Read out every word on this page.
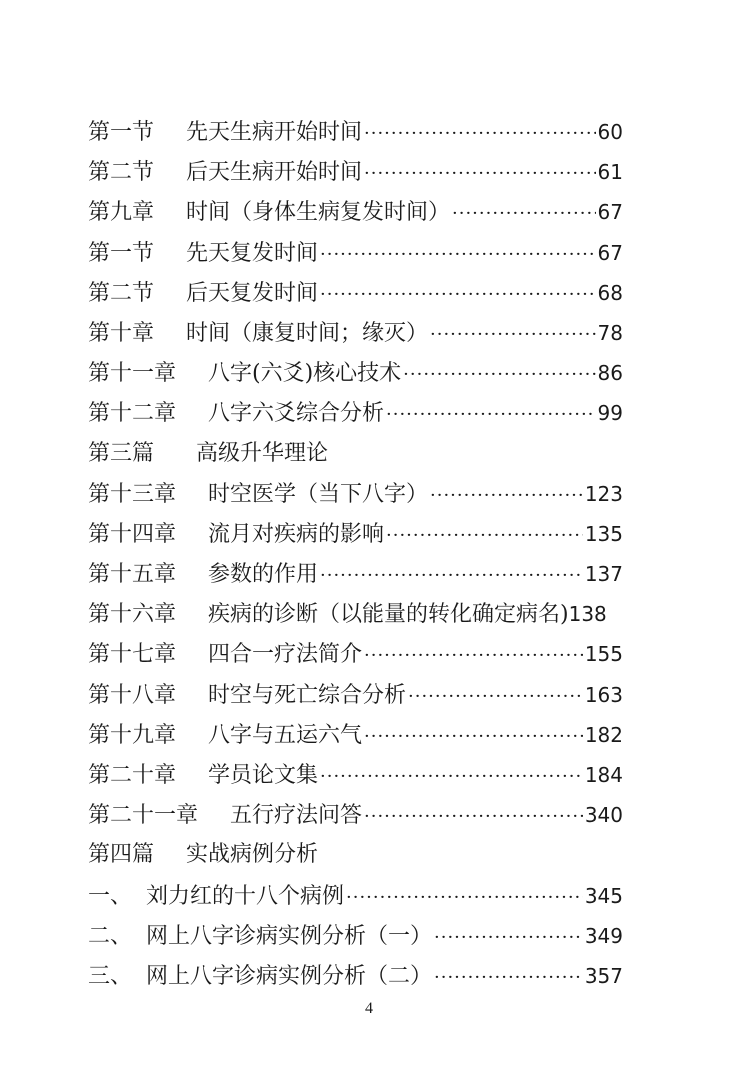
第一节	先天生病开始时间 ·····	60
第二节	后天生病开始时间 ·····	61
第九章	时间（身体生病复发时间） ·····	67
第一节	先天复发时间 ·····	67
第二节	后天复发时间 ·····	68
第十章	时间（康复时间；缘灭） ·····	78
第十一章	八字(六爻)核心技术 ·····	86
第十二章	八字六爻综合分析 ·····	99
第三篇	高级升华理论
第十三章	时空医学（当下八字） ·····	123
第十四章	流月对疾病的影响 ·····	135
第十五章	参数的作用 ·····	137
第十六章	疾病的诊断（以能量的转化确定病名) 138
第十七章	四合一疗法简介 ·····	155
第十八章	时空与死亡综合分析 ·····	163
第十九章	八字与五运六气 ·····	182
第二十章	学员论文集 ·····	184
第二十一章	五行疗法问答 ·····	340
第四篇	实战病例分析
一、 刘力红的十八个病例 ·····	345
二、 网上八字诊病实例分析（一） ·····	349
三、 网上八字诊病实例分析（二） ·····	357
4
